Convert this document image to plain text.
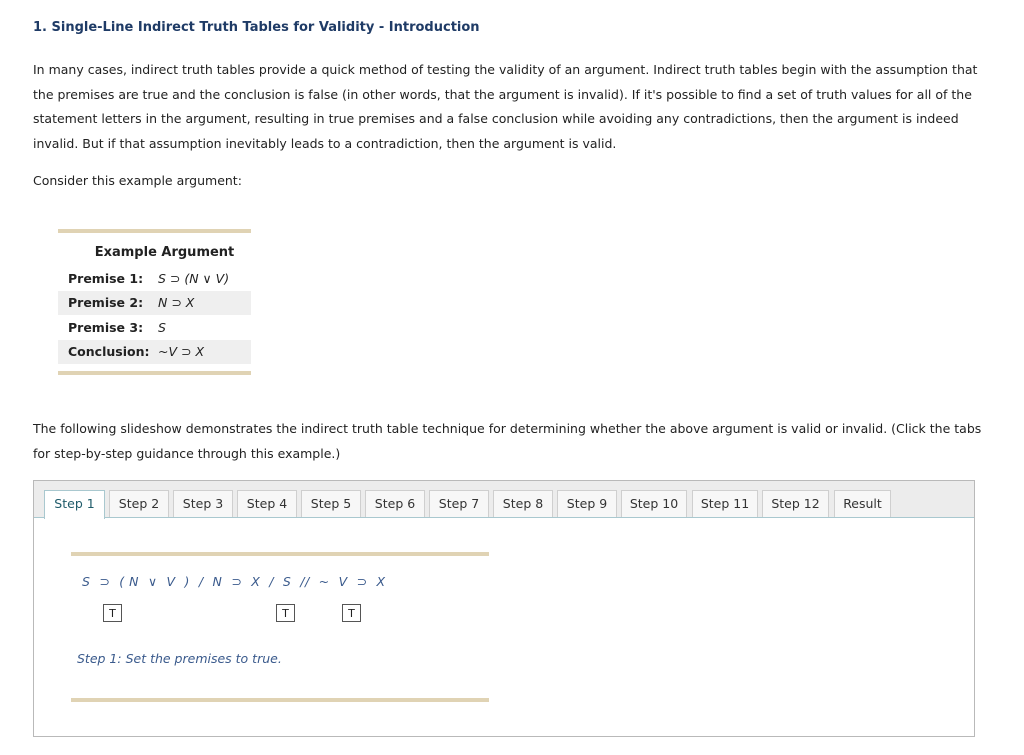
1. Single-Line Indirect Truth Tables for Validity - Introduction

In many cases, indirect truth tables provide a quick method of testing the validity of an argument. Indirect truth tables begin with the assumption that the premises are true and the conclusion is false (in other words, that the argument is invalid). If it's possible to find a set of truth values for all of the statement letters in the argument, resulting in true premises and a false conclusion while avoiding any contradictions, then the argument is indeed invalid. But if that assumption inevitably leads to a contradiction, then the argument is valid.

Consider this example argument:

Example Argument
Premise 1:	S ⊃ (N ∨ V)
Premise 2:	N ⊃ X
Premise 3:	S
Conclusion: ~V ⊃ X

The following slideshow demonstrates the indirect truth table technique for determining whether the above argument is valid or invalid. (Click the tabs for step-by-step guidance through this example.)

Step 1	Step 2	Step 3	Step 4	Step 5	Step 6	Step 7	Step 8	Step 9	Step 10	Step 11	Step 12	Result
S  ⊃  ( N  ∨  V  )  /  N  ⊃  X  /  S  //  ~  V  ⊃  X
T	T	T
Step 1: Set the premises to true.
